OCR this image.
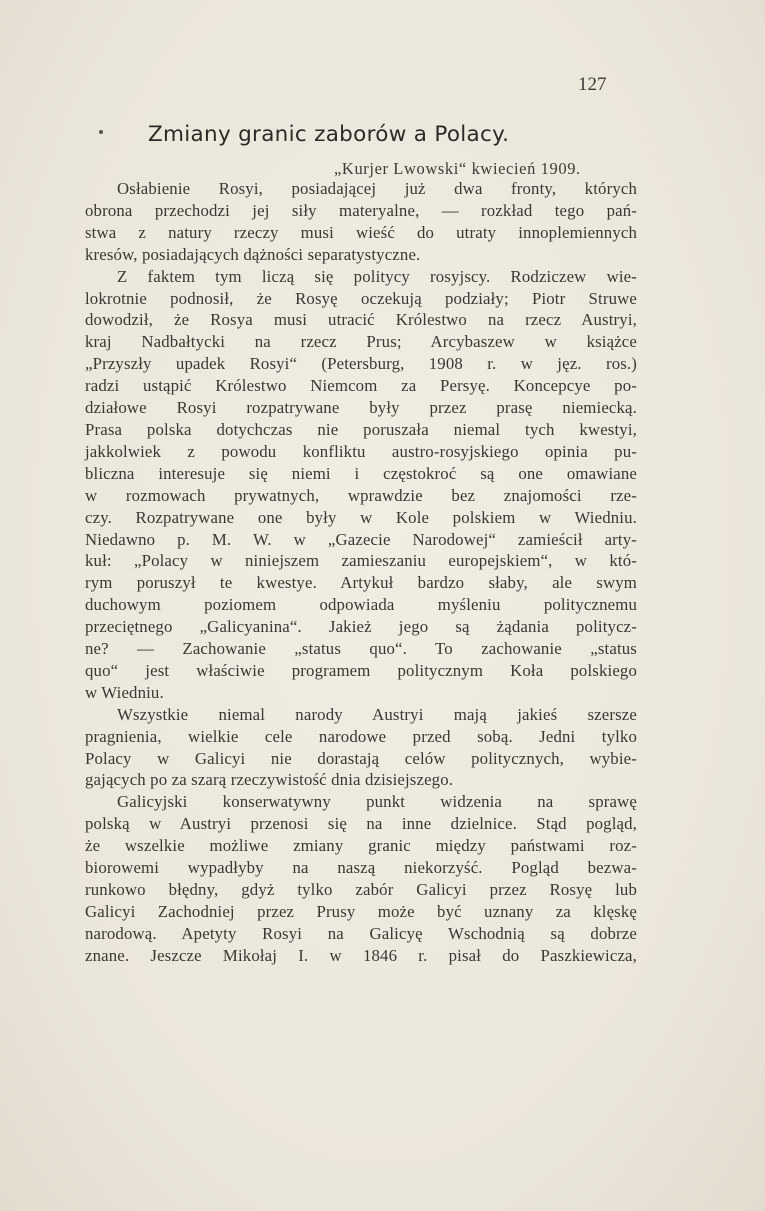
127
Zmiany granic zaborów a Polacy.
„Kurjer Lwowski“ kwiecień 1909.
Osłabienie Rosyi, posiadającej już dwa fronty, których
obrona przechodzi jej siły materyalne, — rozkład tego pań-
stwa z natury rzeczy musi wieść do utraty innoplemiennych
kresów, posiadających dążności separatystyczne.
Z faktem tym liczą się politycy rosyjscy. Rodziczew wie-
lokrotnie podnosił, że Rosyę oczekują podziały; Piotr Struwe
dowodził, że Rosya musi utracić Królestwo na rzecz Austryi,
kraj Nadbałtycki na rzecz Prus; Arcybaszew w książce
„Przyszły upadek Rosyi“ (Petersburg, 1908 r. w jęz. ros.)
radzi ustąpić Królestwo Niemcom za Persyę. Koncepcye po-
działowe Rosyi rozpatrywane były przez prasę niemiecką.
Prasa polska dotychczas nie poruszała niemal tych kwestyi,
jakkolwiek z powodu konfliktu austro-rosyjskiego opinia pu-
bliczna interesuje się niemi i częstokroć są one omawiane
w rozmowach prywatnych, wprawdzie bez znajomości rze-
czy. Rozpatrywane one były w Kole polskiem w Wiedniu.
Niedawno p. M. W. w „Gazecie Narodowej“ zamieścił arty-
kuł: „Polacy w niniejszem zamieszaniu europejskiem“, w któ-
rym poruszył te kwestye. Artykuł bardzo słaby, ale swym
duchowym poziomem odpowiada myśleniu politycznemu
przeciętnego „Galicyanina“. Jakież jego są żądania politycz-
ne? — Zachowanie „status quo“. To zachowanie „status
quo“ jest właściwie programem politycznym Koła polskiego
w Wiedniu.
Wszystkie niemal narody Austryi mają jakieś szersze
pragnienia, wielkie cele narodowe przed sobą. Jedni tylko
Polacy w Galicyi nie dorastają celów politycznych, wybie-
gających po za szarą rzeczywistość dnia dzisiejszego.
Galicyjski konserwatywny punkt widzenia na sprawę
polską w Austryi przenosi się na inne dzielnice. Stąd pogląd,
że wszelkie możliwe zmiany granic między państwami roz-
biorowemi wypadłyby na naszą niekorzyść. Pogląd bezwa-
runkowo błędny, gdyż tylko zabór Galicyi przez Rosyę lub
Galicyi Zachodniej przez Prusy może być uznany za klęskę
narodową. Apetyty Rosyi na Galicyę Wschodnią są dobrze
znane. Jeszcze Mikołaj I. w 1846 r. pisał do Paszkiewicza,
